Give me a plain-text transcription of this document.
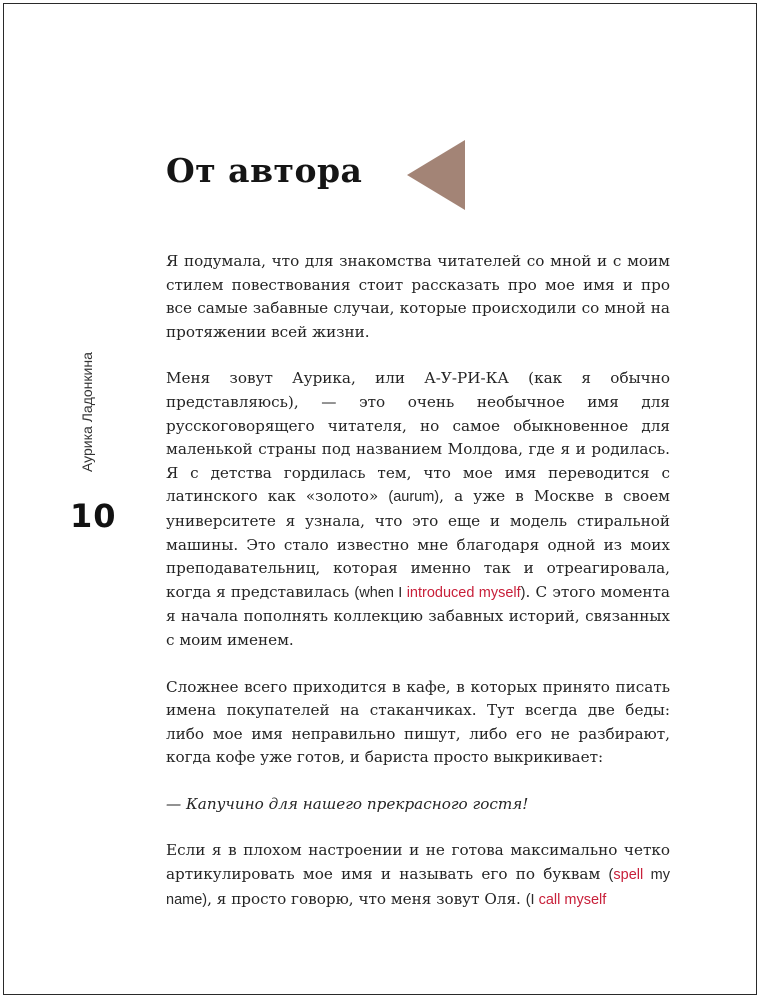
От автора
Аурика Ладонкина
10

Я подумала, что для знакомства читателей со мной и с моим стилем повествования стоит рассказать про мое имя и про все самые забавные случаи, которые происходили со мной на протяжении всей жизни.

Меня зовут Аурика, или А-У-РИ-КА (как я обычно представляюсь), — это очень необычное имя для русскоговорящего читателя, но самое обыкновенное для маленькой страны под названием Молдова, где я и родилась. Я с детства гордилась тем, что мое имя переводится с латинского как «золото» (aurum), а уже в Москве в своем университете я узнала, что это еще и модель стиральной машины. Это стало известно мне благодаря одной из моих преподавательниц, которая именно так и отреагировала, когда я представилась (when I introduced myself). С этого момента я начала пополнять коллекцию забавных историй, связанных с моим именем.

Сложнее всего приходится в кафе, в которых принято писать имена покупателей на стаканчиках. Тут всегда две беды: либо мое имя неправильно пишут, либо его не разбирают, когда кофе уже готов, и бариста просто выкрикивает:

— Капучино для нашего прекрасного гостя!

Если я в плохом настроении и не готова максимально четко артикулировать мое имя и называть его по буквам (spell my name), я просто говорю, что меня зовут Оля. (I call myself
